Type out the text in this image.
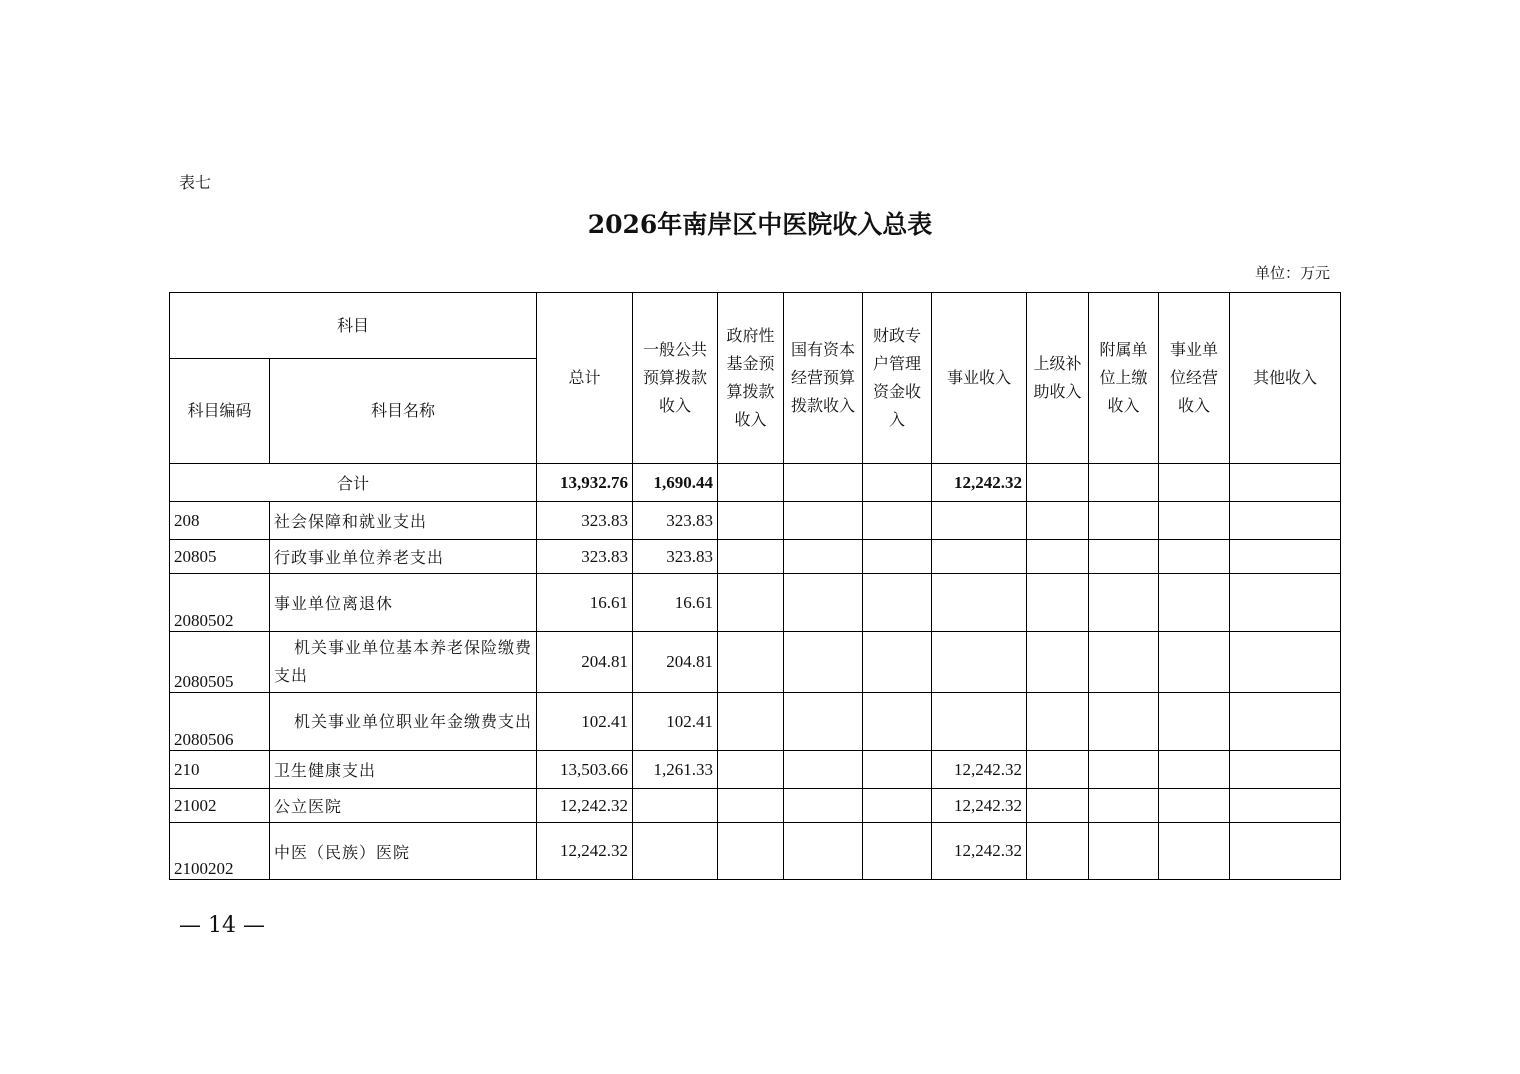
表七
2026年南岸区中医院收入总表
单位：万元
科目		总计	一般公共预算拨款收入	政府性基金预算拨款收入	国有资本经营预算拨款收入	财政专户管理资金收入	事业收入	上级补助收入	附属单位上缴收入	事业单位经营收入	其他收入
科目编码	科目名称										
合计		13,932.76	1,690.44				12,242.32				
208	社会保障和就业支出	323.83	323.83								
20805	行政事业单位养老支出	323.83	323.83								
2080502	事业单位离退休	16.61	16.61								
2080505	机关事业单位基本养老保险缴费支出	204.81	204.81								
2080506	机关事业单位职业年金缴费支出	102.41	102.41								
210	卫生健康支出	13,503.66	1,261.33				12,242.32				
21002	公立医院	12,242.32					12,242.32				
2100202	中医（民族）医院	12,242.32					12,242.32				
— 14 —
